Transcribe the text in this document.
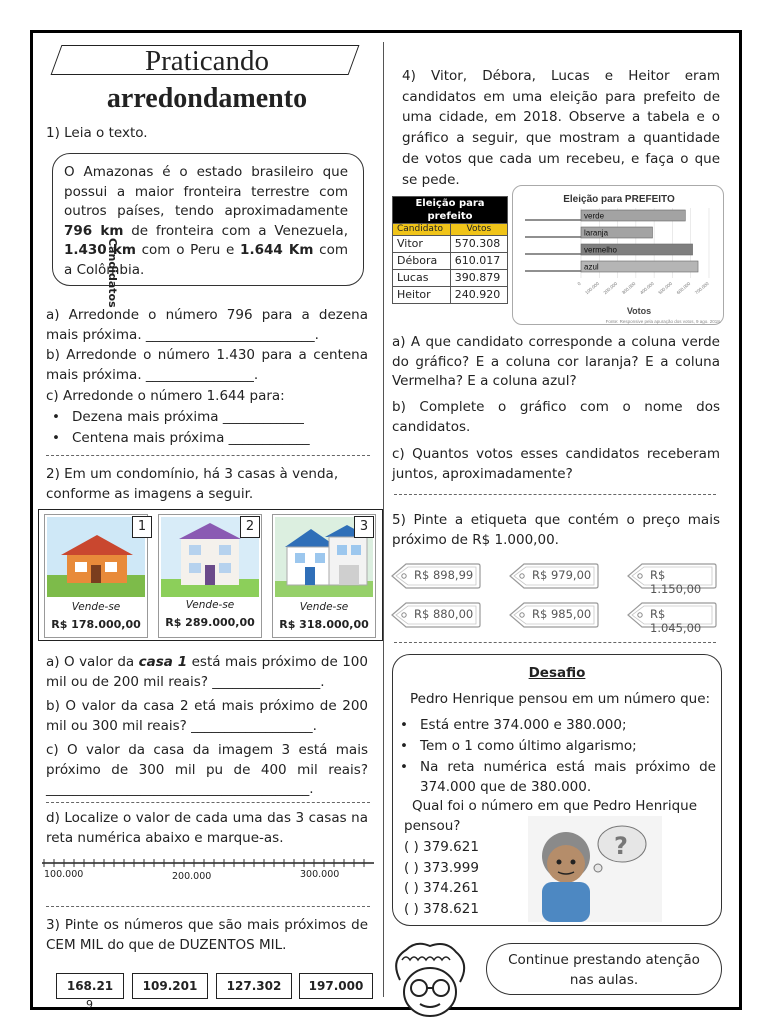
Praticando
arredondamento
1) Leia o texto.
O Amazonas é o estado brasileiro que possui a maior fronteira terrestre com outros países, tendo aproximadamente 796 km de fronteira com a Venezuela, 1.430 km com o Peru e 1.644 Km com a Colômbia.
Candidatos
a) Arredonde o número 796 para a dezena mais próxima. _________________________.
b) Arredonde o número 1.430 para a centena mais próxima. ________________.
c) Arredonde o número 1.644 para:
• Dezena mais próxima ____________
• Centena mais próxima ____________
2) Em um condomínio, há 3 casas à venda, conforme as imagens a seguir.
Vende-se
R$ 178.000,00
1
Vende-se
R$ 289.000,00
2
Vende-se
R$ 318.000,00
3
a) O valor da casa 1 está mais próximo de 100 mil ou de 200 mil reais? ________________.
b) O valor da casa 2 etá mais próximo de 200 mil ou 300 mil reais? __________________.
c) O valor da casa da imagem 3 está mais próximo de 300 mil pu de 400 mil reais? _______________________________________.
d) Localize o valor de cada uma das 3 casas na reta numérica abaixo e marque-as.
100.000	200.000	300.000
3) Pinte os números que são mais próximos de CEM MIL do que de DUZENTOS MIL.
168.21	109.201	127.302	197.000
9
4) Vitor, Débora, Lucas e Heitor eram candidatos em uma eleição para prefeito de uma cidade, em 2018. Observe a tabela e o gráfico a seguir, que mostram a quantidade de votos que cada um recebeu, e faça o que se pede.
Eleição para prefeito	
Candidato	Votos
Vitor	570.308
Débora	610.017
Lucas	390.879
Heitor	240.920
Eleição para PREFEITO
0 100.000 200.000 300.000 400.000 500.000 600.000 700.000
verde
laranja
vermelho
azul
Votos
Fonte: Responsive pela apuração dos votos, 9 ago. 2018.
a) A que candidato corresponde a coluna verde do gráfico? E a coluna cor laranja? E a coluna Vermelha? E a coluna azul?
b) Complete o gráfico com o nome dos candidatos.
c) Quantos votos esses candidatos receberam juntos, aproximadamente?
5) Pinte a etiqueta que contém o preço mais próximo de R$ 1.000,00.
R$ 898,99	R$ 979,00	R$ 1.150,00
R$ 880,00	R$ 985,00	R$ 1.045,00
Desafio
Pedro Henrique pensou em um número que:
• Está entre 374.000 e 380.000;
• Tem o 1 como último algarismo;
• Na reta numérica está mais próximo de 374.000 que de 380.000.
Qual foi o número em que Pedro Henrique pensou?
( ) 379.621
( ) 373.999
( ) 374.261
( ) 378.621
?
Continue prestando atenção nas aulas.
